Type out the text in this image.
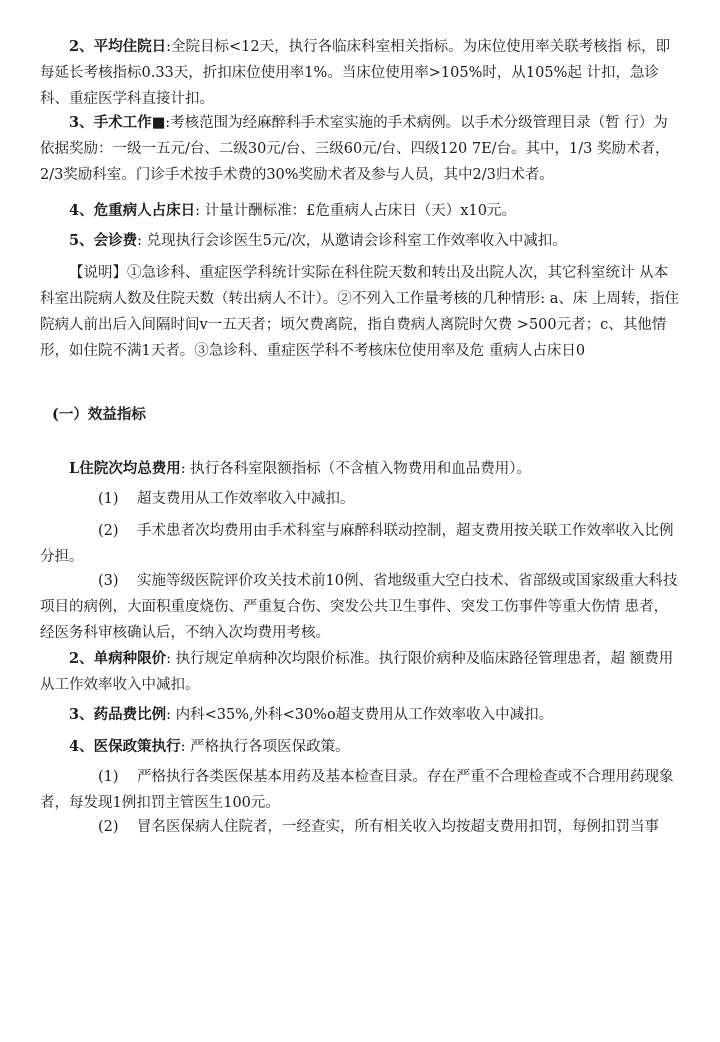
2、平均住院日:全院目标<12天，执行各临床科室相关指标。为床位使用率关联考核指 标，即每延长考核指标0.33天，折扣床位使用率1%。当床位使用率>105%时，从105%起 计扣，急诊科、重症医学科直接计扣。

3、手术工作■:考核范围为经麻醉科手术室实施的手术病例。以手术分级管理目录（暂 行）为依据奖励：一级一五元/台、二级30元/台、三级60元/台、四级120 7E/台。其中，1/3 奖励术者，2/3奖励科室。门诊手术按手术费的30%奖励术者及参与人员，其中2/3归术者。

4、危重病人占床日: 计量计酬标准：£危重病人占床日（天）x10元。

5、会诊费: 兑现执行会诊医生5元/次，从邀请会诊科室工作效率收入中减扣。

【说明】①急诊科、重症医学科统计实际在科住院天数和转出及出院人次，其它科室统计 从本科室出院病人数及住院天数（转出病人不计）。②不列入工作量考核的几种情形: a、床 上周转，指住院病人前出后入间隔时间v一五天者；顷欠费离院，指自费病人离院时欠费 >500元者；c、其他情形，如住院不满1天者。③急诊科、重症医学科不考核床位使用率及危 重病人占床日0

(一）效益指标

L住院次均总费用: 执行各科室限额指标（不含植入物费用和血品费用）。

(1) 超支费用从工作效率收入中减扣。

(2) 手术患者次均费用由手术科室与麻醉科联动控制，超支费用按关联工作效率收入比例分担。

(3) 实施等级医院评价攻关技术前10例、省地级重大空白技术、省部级或国家级重大科技项目的病例，大面积重度烧伤、严重复合伤、突发公共卫生事件、突发工伤事件等重大伤情 患者，经医务科审核确认后，不纳入次均费用考核。

2、单病种限价: 执行规定单病种次均限价标准。执行限价病种及临床路径管理患者，超 额费用从工作效率收入中减扣。

3、药品费比例: 内科<35%,外科<30%o超支费用从工作效率收入中减扣。

4、医保政策执行: 严格执行各项医保政策。

(1) 严格执行各类医保基本用药及基本检查目录。存在严重不合理检查或不合理用药现象者，每发现1例扣罚主管医生100元。

(2) 冒名医保病人住院者，一经查实，所有相关收入均按超支费用扣罚，每例扣罚当事
